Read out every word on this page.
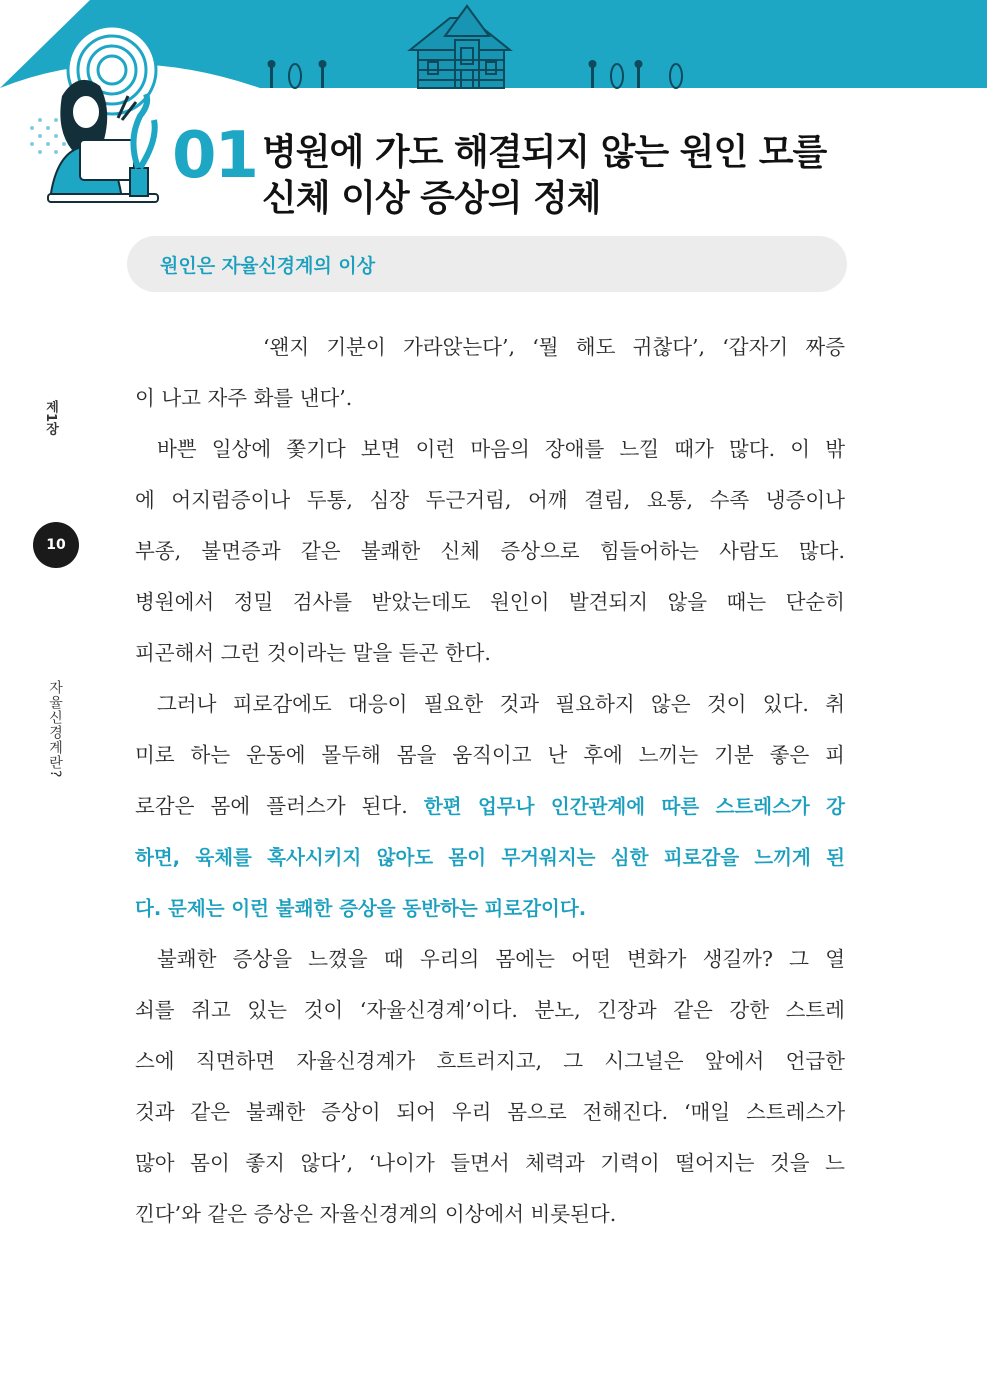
01 병원에 가도 해결되지 않는 원인 모를
신체 이상 증상의 정체
원인은 자율신경계의 이상
제1장
10
자율신경계란?
‘왠지 기분이 가라앉는다’, ‘뭘 해도 귀찮다’, ‘갑자기 짜증
이 나고 자주 화를 낸다’.
바쁜 일상에 쫓기다 보면 이런 마음의 장애를 느낄 때가 많다. 이 밖
에 어지럼증이나 두통, 심장 두근거림, 어깨 결림, 요통, 수족 냉증이나
부종, 불면증과 같은 불쾌한 신체 증상으로 힘들어하는 사람도 많다.
병원에서 정밀 검사를 받았는데도 원인이 발견되지 않을 때는 단순히
피곤해서 그런 것이라는 말을 듣곤 한다.
그러나 피로감에도 대응이 필요한 것과 필요하지 않은 것이 있다. 취
미로 하는 운동에 몰두해 몸을 움직이고 난 후에 느끼는 기분 좋은 피
로감은 몸에 플러스가 된다. 한편 업무나 인간관계에 따른 스트레스가 강
하면, 육체를 혹사시키지 않아도 몸이 무거워지는 심한 피로감을 느끼게 된
다. 문제는 이런 불쾌한 증상을 동반하는 피로감이다.
불쾌한 증상을 느꼈을 때 우리의 몸에는 어떤 변화가 생길까? 그 열
쇠를 쥐고 있는 것이 ‘자율신경계’이다. 분노, 긴장과 같은 강한 스트레
스에 직면하면 자율신경계가 흐트러지고, 그 시그널은 앞에서 언급한
것과 같은 불쾌한 증상이 되어 우리 몸으로 전해진다. ‘매일 스트레스가
많아 몸이 좋지 않다’, ‘나이가 들면서 체력과 기력이 떨어지는 것을 느
낀다’와 같은 증상은 자율신경계의 이상에서 비롯된다.
